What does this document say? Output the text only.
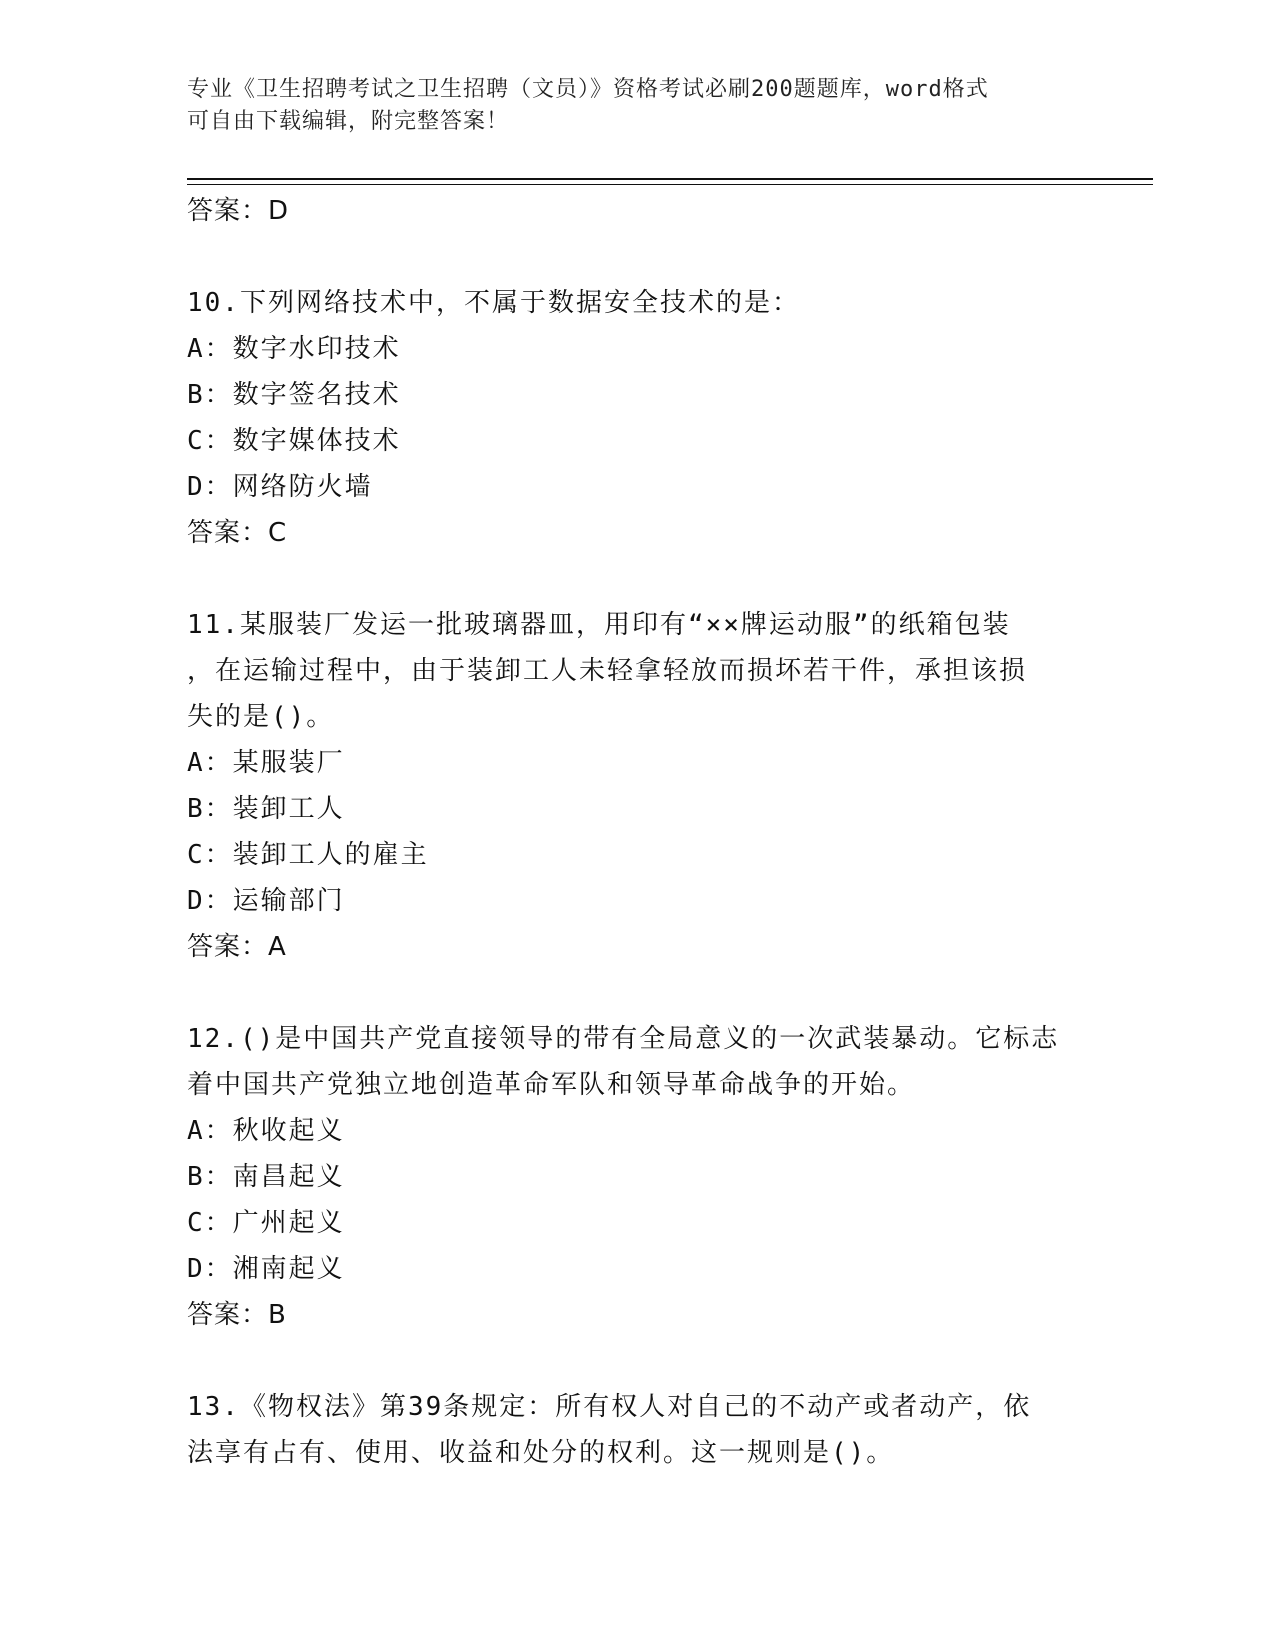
专业《卫生招聘考试之卫生招聘（文员）》资格考试必刷200题题库，word格式
可自由下载编辑，附完整答案！
答案：D
10.下列网络技术中，不属于数据安全技术的是：
A：数字水印技术
B：数字签名技术
C：数字媒体技术
D：网络防火墙
答案：C
11.某服装厂发运一批玻璃器皿，用印有“××牌运动服”的纸箱包装
，在运输过程中，由于装卸工人未轻拿轻放而损坏若干件，承担该损
失的是()。
A：某服装厂
B：装卸工人
C：装卸工人的雇主
D：运输部门
答案：A
12.()是中国共产党直接领导的带有全局意义的一次武装暴动。它标志
着中国共产党独立地创造革命军队和领导革命战争的开始。
A：秋收起义
B：南昌起义
C：广州起义
D：湘南起义
答案：B
13.《物权法》第39条规定：所有权人对自己的不动产或者动产，依
法享有占有、使用、收益和处分的权利。这一规则是()。
